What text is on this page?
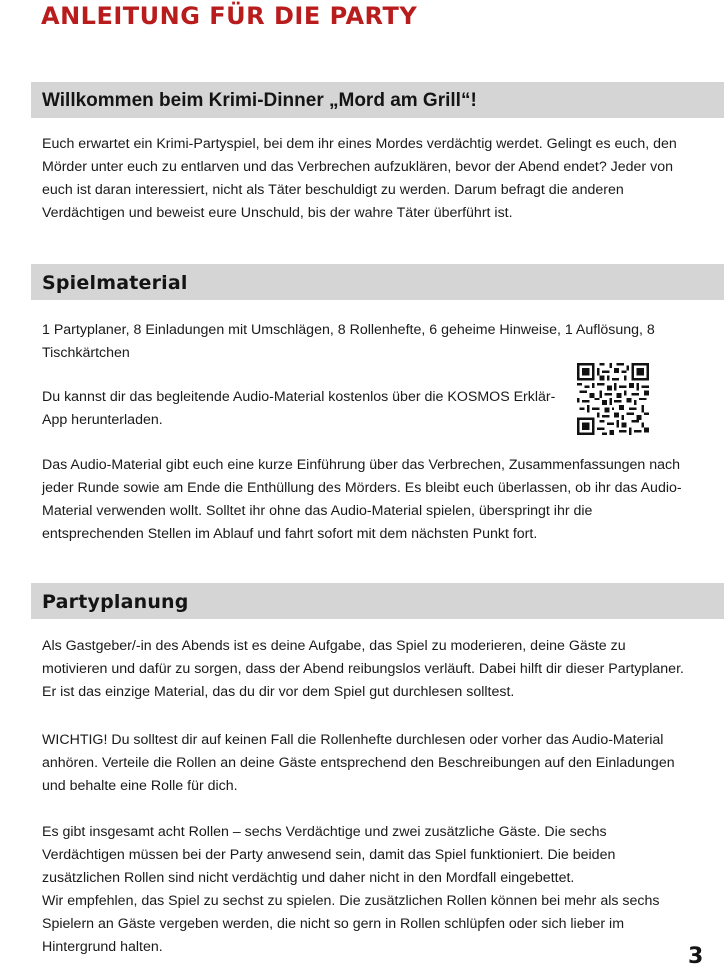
ANLEITUNG FÜR DIE PARTY
Willkommen beim Krimi-Dinner „Mord am Grill“!

Euch erwartet ein Krimi-Partyspiel, bei dem ihr eines Mordes verdächtig werdet. Gelingt es euch, den Mörder unter euch zu entlarven und das Verbrechen aufzuklären, bevor der Abend endet? Jeder von euch ist daran interessiert, nicht als Täter beschuldigt zu werden. Darum befragt die anderen Verdächtigen und beweist eure Unschuld, bis der wahre Täter überführt ist.

Spielmaterial

1 Partyplaner, 8 Einladungen mit Umschlägen, 8 Rollenhefte, 6 geheime Hinweise, 1 Auflösung, 8 Tischkärtchen

Du kannst dir das begleitende Audio-Material kostenlos über die KOSMOS Erklär-App herunterladen.

Das Audio-Material gibt euch eine kurze Einführung über das Verbrechen, Zusammenfassungen nach jeder Runde sowie am Ende die Enthüllung des Mörders. Es bleibt euch überlassen, ob ihr das Audio-Material verwenden wollt. Solltet ihr ohne das Audio-Material spielen, überspringt ihr die entsprechenden Stellen im Ablauf und fahrt sofort mit dem nächsten Punkt fort.

Partyplanung

Als Gastgeber/-in des Abends ist es deine Aufgabe, das Spiel zu moderieren, deine Gäste zu motivieren und dafür zu sorgen, dass der Abend reibungslos verläuft. Dabei hilft dir dieser Partyplaner. Er ist das einzige Material, das du dir vor dem Spiel gut durchlesen solltest.

WICHTIG! Du solltest dir auf keinen Fall die Rollenhefte durchlesen oder vorher das Audio-Material anhören. Verteile die Rollen an deine Gäste entsprechend den Beschreibungen auf den Einladungen und behalte eine Rolle für dich.

Es gibt insgesamt acht Rollen – sechs Verdächtige und zwei zusätzliche Gäste. Die sechs Verdächtigen müssen bei der Party anwesend sein, damit das Spiel funktioniert. Die beiden zusätzlichen Rollen sind nicht verdächtig und daher nicht in den Mordfall eingebettet.

Wir empfehlen, das Spiel zu sechst zu spielen. Die zusätzlichen Rollen können bei mehr als sechs Spielern an Gäste vergeben werden, die nicht so gern in Rollen schlüpfen oder sich lieber im Hintergrund halten.	3
